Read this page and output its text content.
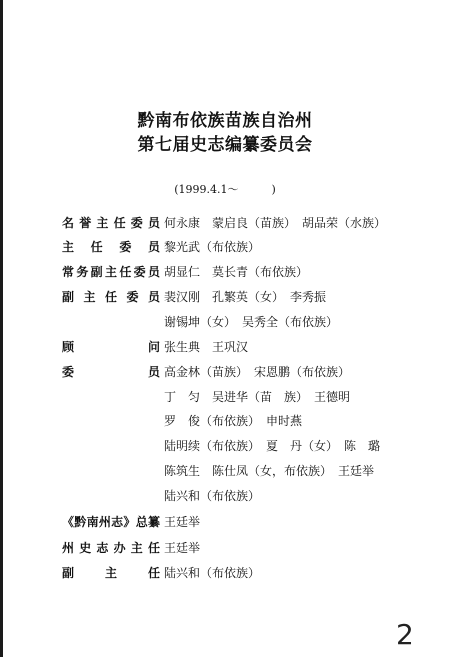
黔南布依族苗族自治州
第七届史志编纂委员会
(1999.4.1～　　　)
名誉主任委员 何永康　蒙启良（苗族）　胡品荣（水族）
主任委员 黎光武（布依族）
常务副主任委员 胡显仁　莫长青（布依族）
副主任委员 裴汉刚　孔繁英（女）　李秀振
谢锡坤（女）　吴秀全（布依族）
顾问 张生典　王巩汉
委员 高金林（苗族）　宋恩鹏（布依族）
丁　匀　吴进华（苗　族）　王德明
罗　俊（布依族）　申时燕
陆明续（布依族）　夏　丹（女）　陈　璐
陈筑生　陈仕凤（女，布依族）　王廷举
陆兴和（布依族）
《黔南州志》总纂 王廷举
州史志办主任 王廷举
副主任 陆兴和（布依族）
2
